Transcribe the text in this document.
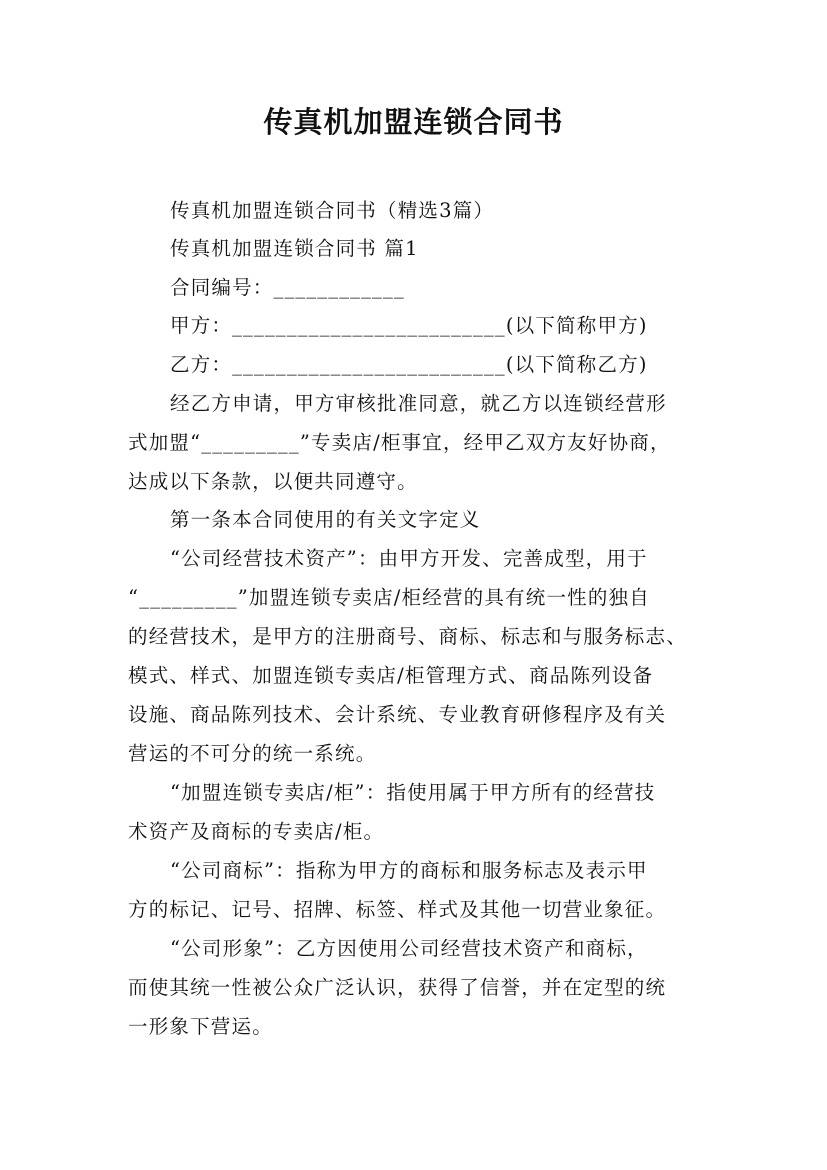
传真机加盟连锁合同书
传真机加盟连锁合同书（精选3篇）
传真机加盟连锁合同书 篇1
合同编号：____________
甲方：_________________________(以下简称甲方)
乙方：_________________________(以下简称乙方)
经乙方申请，甲方审核批准同意，就乙方以连锁经营形
式加盟“_________”专卖店/柜事宜，经甲乙双方友好协商，
达成以下条款，以便共同遵守。
第一条本合同使用的有关文字定义
“公司经营技术资产”：由甲方开发、完善成型，用于
“_________”加盟连锁专卖店/柜经营的具有统一性的独自
的经营技术，是甲方的注册商号、商标、标志和与服务标志、
模式、样式、加盟连锁专卖店/柜管理方式、商品陈列设备
设施、商品陈列技术、会计系统、专业教育研修程序及有关
营运的不可分的统一系统。
“加盟连锁专卖店/柜”：指使用属于甲方所有的经营技
术资产及商标的专卖店/柜。
“公司商标”：指称为甲方的商标和服务标志及表示甲
方的标记、记号、招牌、标签、样式及其他一切营业象征。
“公司形象”：乙方因使用公司经营技术资产和商标，
而使其统一性被公众广泛认识，获得了信誉，并在定型的统
一形象下营运。
